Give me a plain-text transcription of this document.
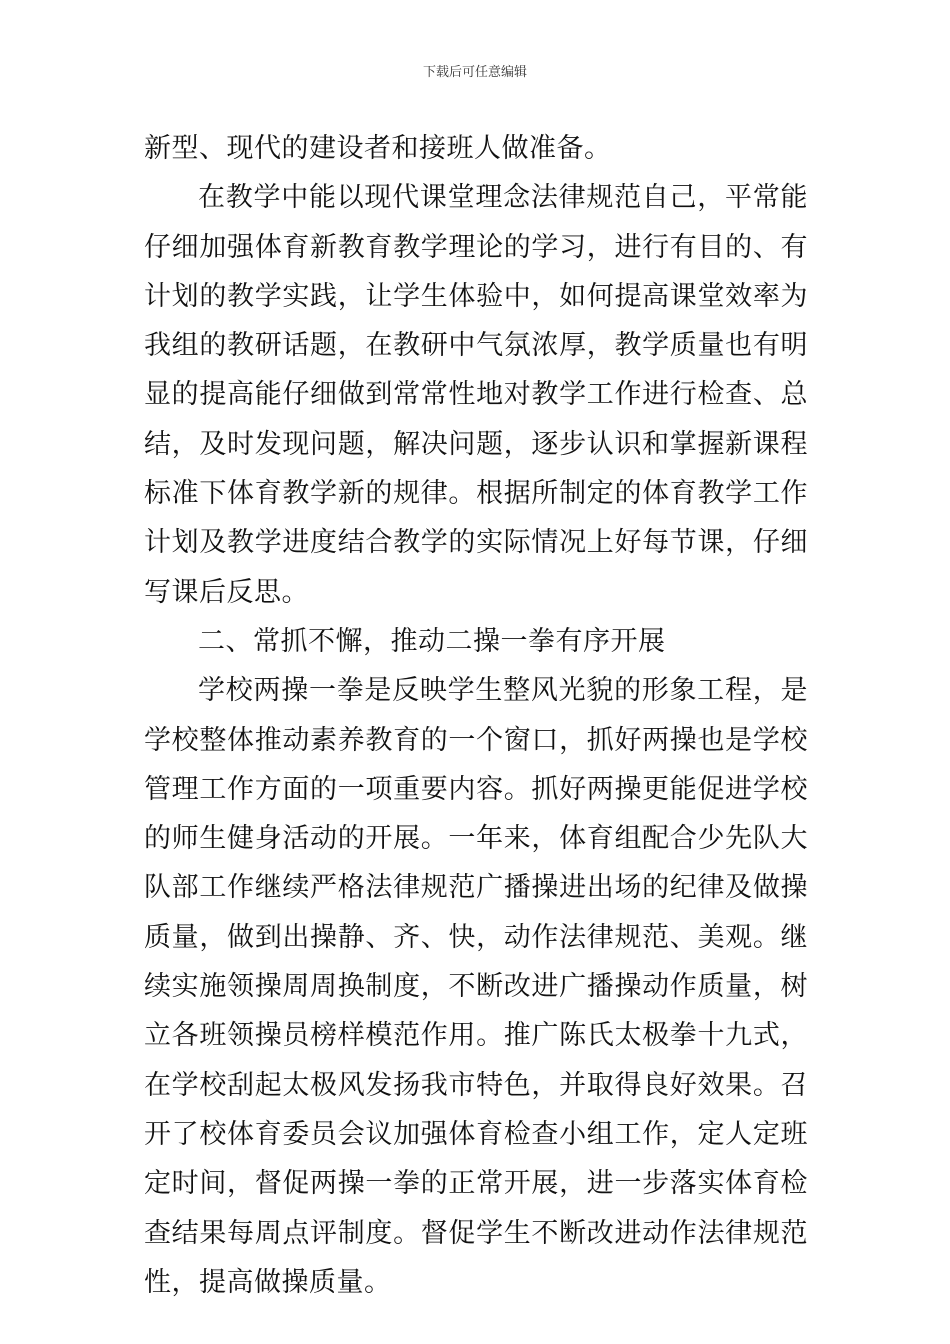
下载后可任意编辑

新型、现代的建设者和接班人做准备。

在教学中能以现代课堂理念法律规范自己，平常能仔细加强体育新教育教学理论的学习，进行有目的、有计划的教学实践，让学生体验中，如何提高课堂效率为我组的教研话题，在教研中气氛浓厚，教学质量也有明显的提高能仔细做到常常性地对教学工作进行检查、总结，及时发现问题，解决问题，逐步认识和掌握新课程标准下体育教学新的规律。根据所制定的体育教学工作计划及教学进度结合教学的实际情况上好每节课，仔细写课后反思。

二、常抓不懈，推动二操一拳有序开展

学校两操一拳是反映学生整风光貌的形象工程，是学校整体推动素养教育的一个窗口，抓好两操也是学校管理工作方面的一项重要内容。抓好两操更能促进学校的师生健身活动的开展。一年来，体育组配合少先队大队部工作继续严格法律规范广播操进出场的纪律及做操质量，做到出操静、齐、快，动作法律规范、美观。继续实施领操周周换制度，不断改进广播操动作质量，树立各班领操员榜样模范作用。推广陈氏太极拳十九式，在学校刮起太极风发扬我市特色，并取得良好效果。召开了校体育委员会议加强体育检查小组工作，定人定班定时间，督促两操一拳的正常开展，进一步落实体育检查结果每周点评制度。督促学生不断改进动作法律规范性，提高做操质量。
